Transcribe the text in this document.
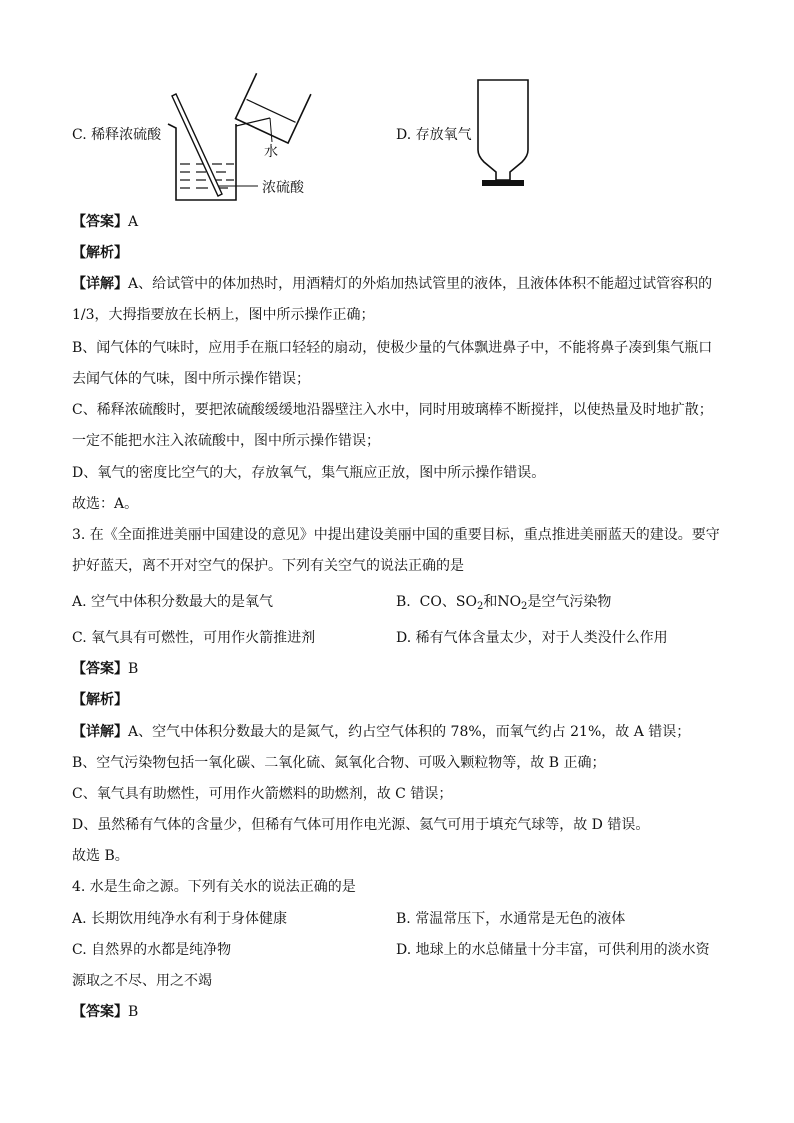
C. 稀释浓硫酸
水
浓硫酸
D. 存放氧气
【答案】A
【解析】
【详解】A、给试管中的体加热时，用酒精灯的外焰加热试管里的液体，且液体体积不能超过试管容积的
1/3，大拇指要放在长柄上，图中所示操作正确；
B、闻气体的气味时，应用手在瓶口轻轻的扇动，使极少量的气体飘进鼻子中，不能将鼻子凑到集气瓶口
去闻气体的气味，图中所示操作错误；
C、稀释浓硫酸时，要把浓硫酸缓缓地沿器壁注入水中，同时用玻璃棒不断搅拌，以使热量及时地扩散；
一定不能把水注入浓硫酸中，图中所示操作错误；
D、氧气的密度比空气的大，存放氧气，集气瓶应正放，图中所示操作错误。
故选：A。
3. 在《全面推进美丽中国建设的意见》中提出建设美丽中国的重要目标，重点推进美丽蓝天的建设。要守
护好蓝天，离不开对空气的保护。下列有关空气的说法正确的是
A. 空气中体积分数最大的是氧气	B. CO、$SO_2$和$NO_2$是空气污染物
C. 氧气具有可燃性，可用作火箭推进剂	D. 稀有气体含量太少，对于人类没什么作用
【答案】B
【解析】
【详解】A、空气中体积分数最大的是氮气，约占空气体积的 78%，而氧气约占 21%，故 A 错误；
B、空气污染物包括一氧化碳、二氧化硫、氮氧化合物、可吸入颗粒物等，故 B 正确；
C、氧气具有助燃性，可用作火箭燃料的助燃剂，故 C 错误；
D、虽然稀有气体的含量少，但稀有气体可用作电光源、氦气可用于填充气球等，故 D 错误。
故选 B。
4. 水是生命之源。下列有关水的说法正确的是
A. 长期饮用纯净水有利于身体健康	B. 常温常压下，水通常是无色的液体
C. 自然界的水都是纯净物	D. 地球上的水总储量十分丰富，可供利用的淡水资
源取之不尽、用之不竭
【答案】B
